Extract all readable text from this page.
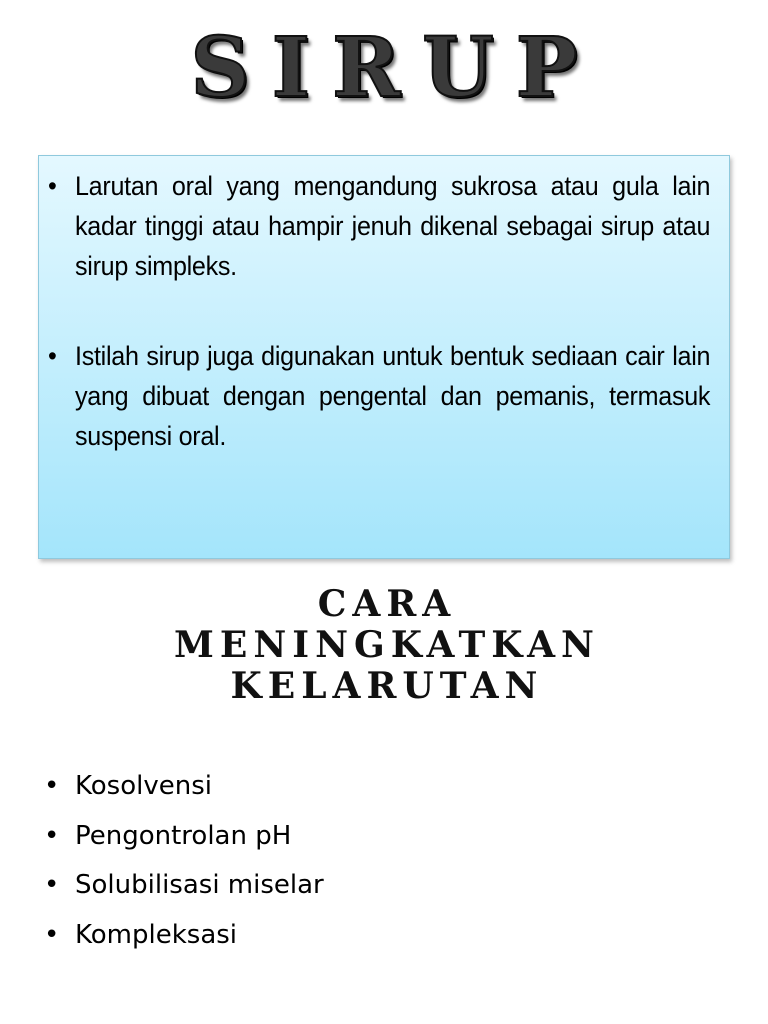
SIRUP
• Larutan oral yang mengandung sukrosa atau gula lain kadar tinggi atau hampir jenuh dikenal sebagai sirup atau sirup simpleks.
• Istilah sirup juga digunakan untuk bentuk sediaan cair lain yang dibuat dengan pengental dan pemanis, termasuk suspensi oral.
CARA
MENINGKATKAN
KELARUTAN
• Kosolvensi
• Pengontrolan pH
• Solubilisasi miselar
• Kompleksasi
